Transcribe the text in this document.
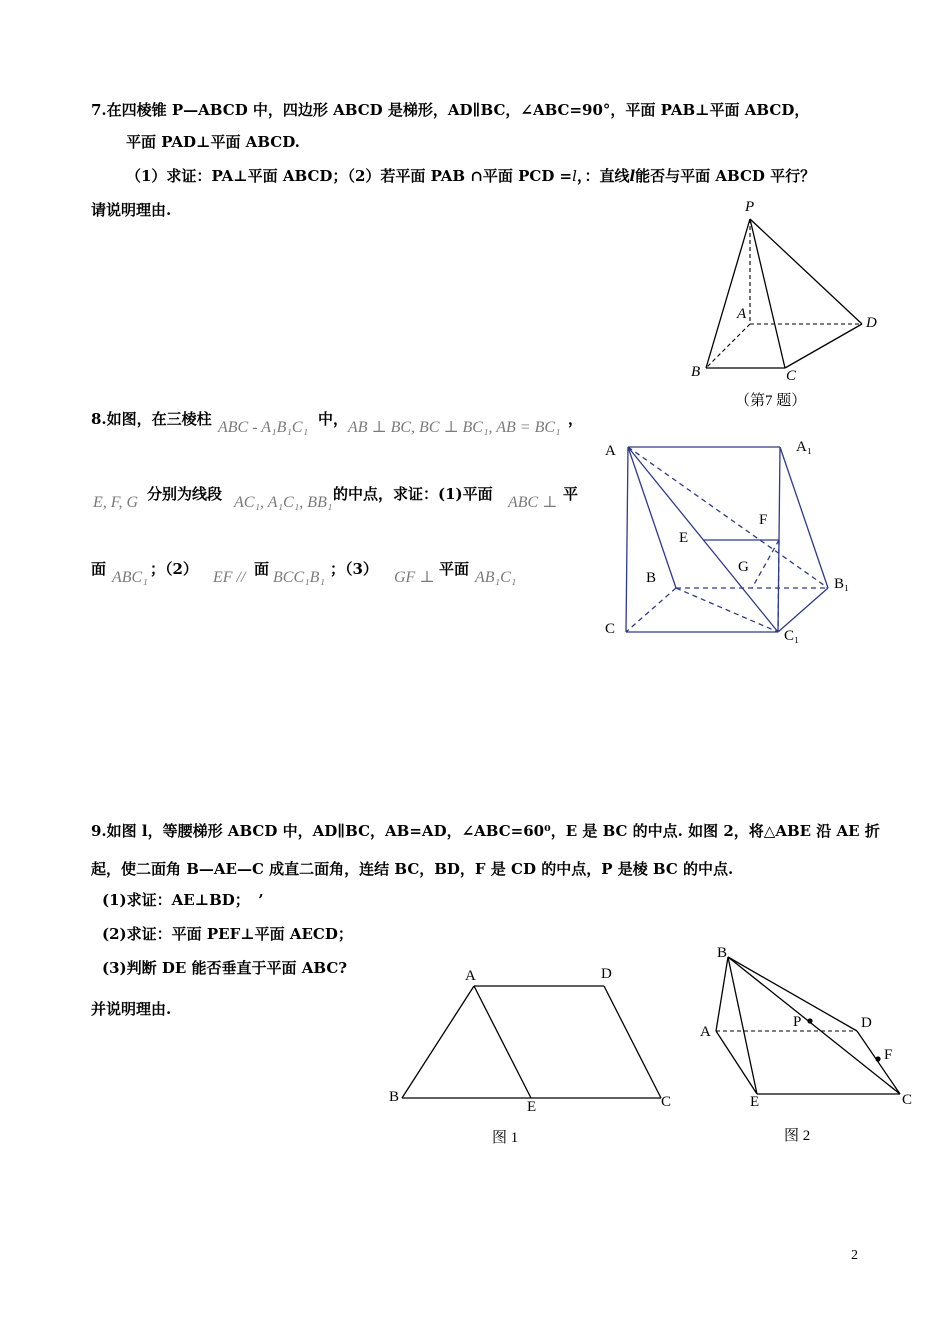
7.在四棱锥 P—ABCD 中，四边形 ABCD 是梯形，AD∥BC，∠ABC=90°，平面 PAB⊥平面 ABCD，
平面 PAD⊥平面 ABCD.
（1）求证：PA⊥平面 ABCD；（2）若平面 PAB ∩平面 PCD =l，：直线l能否与平面 ABCD 平行？
请说明理由.	P
A
B	C
D
（第7 题）
8.如图，在三棱柱 ABC - A₁B₁C₁ 中， AB ⊥ BC, BC ⊥ BC₁, AB = BC₁ ，
E, F, G 分别为线段 AC₁, A₁C₁, BB₁ 的中点，求证：(1)平面 ABC ⊥ 平
面 ABC₁ ；（2） EF // 面 BCC₁B₁ ；（3） GF ⊥ 平面 AB₁C₁
A	A₁
B	B₁
C	C₁
E
F
G
9.如图 l，等腰梯形 ABCD 中，AD∥BC，AB=AD，∠ABC=60⁰，E 是 BC 的中点. 如图 2，将△ABE 沿 AE 折
起，使二面角 B—AE—C 成直二面角，连结 BC，BD，F 是 CD 的中点，P 是棱 BC 的中点.
(1)求证：AE⊥BD； ’
(2)求证：平面 PEF⊥平面 AECD；
(3)判断 DE 能否垂直于平面 ABC?
并说明理由.
A	D
B
E	C
图 1
B
A
P	D
F
E	C
图 2
2
